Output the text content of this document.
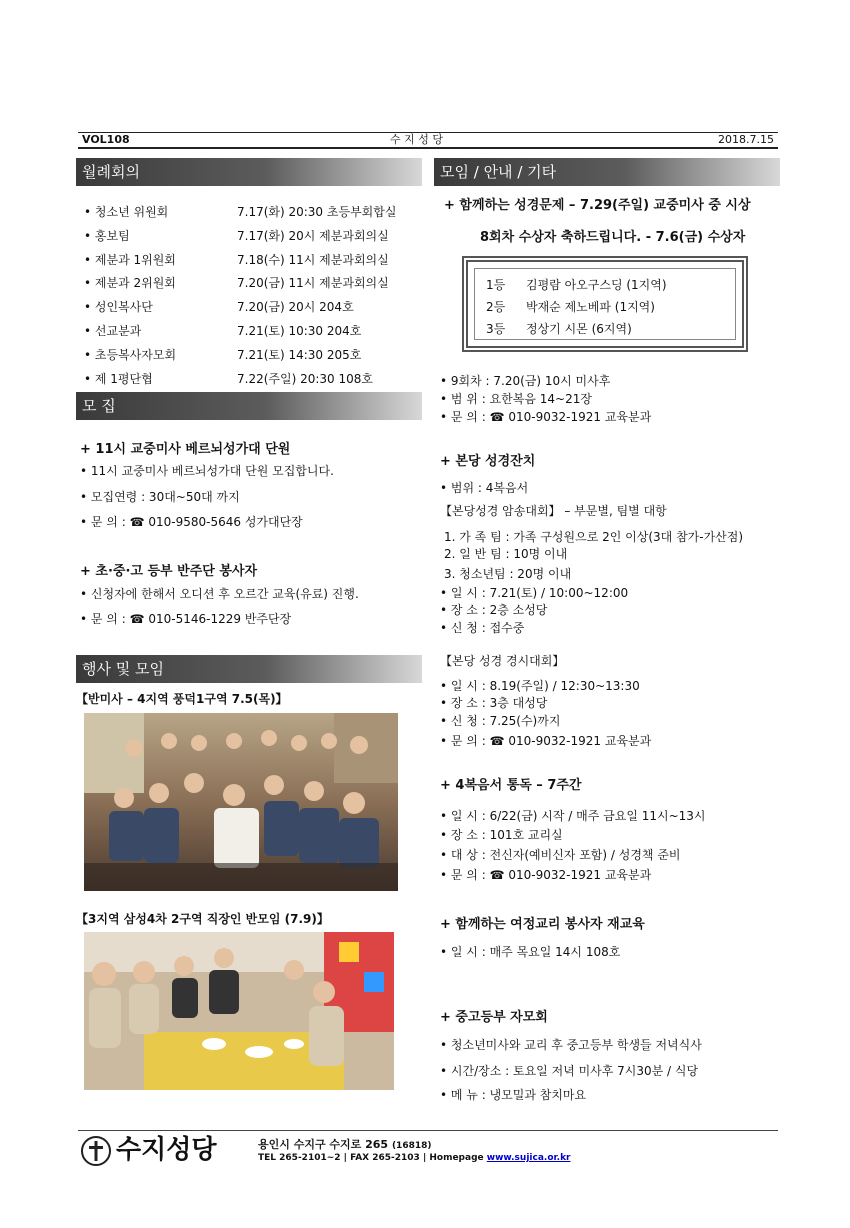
VOL108	수 지 성 당	2018.7.15
월례회의
• 청소년 위원회	7.17(화) 20:30 초등부회합실
• 홍보팀	7.17(화) 20시 제분과회의실
• 제분과 1위원회	7.18(수) 11시 제분과회의실
• 제분과 2위원회	7.20(금) 11시 제분과회의실
• 성인복사단	7.20(금) 20시 204호
• 선교분과	7.21(토) 10:30 204호
• 초등복사자모회	7.21(토) 14:30 205호
• 제 1평단협	7.22(주일) 20:30 108호
모 집
+ 11시 교중미사 베르뇌성가대 단원
• 11시 교중미사 베르뇌성가대 단원 모집합니다.
• 모집연령 : 30대~50대 까지
• 문 의 : ☎ 010-9580-5646 성가대단장
+ 초·중·고 등부 반주단 봉사자
• 신청자에 한해서 오디션 후 오르간 교육(유료) 진행.
• 문 의 : ☎ 010-5146-1229 반주단장
행사 및 모임
【반미사 – 4지역 풍덕1구역 7.5(목)】
【3지역 삼성4차 2구역 직장인 반모임 (7.9)】
모임 / 안내 / 기타
+ 함께하는 성경문제 – 7.29(주일) 교중미사 중 시상
8회차 수상자 축하드립니다. - 7.6(금) 수상자
1등 김평람 아오구스딩 (1지역)
2등 박재순 제노베파 (1지역)
3등 정상기 시몬 (6지역)
• 9회차 : 7.20(금) 10시 미사후
• 범 위 : 요한복음 14~21장
• 문 의 : ☎ 010-9032-1921 교육분과
+ 본당 성경잔치
• 범위 : 4복음서
【본당성경 암송대회】 – 부문별, 팀별 대항
1. 가 족 팀 : 가족 구성원으로 2인 이상(3대 참가-가산점)
2. 일 반 팀 : 10명 이내
3. 청소년팀 : 20명 이내
• 일 시 : 7.21(토) / 10:00~12:00
• 장 소 : 2층 소성당
• 신 청 : 접수중
【본당 성경 경시대회】
• 일 시 : 8.19(주일) / 12:30~13:30
• 장 소 : 3층 대성당
• 신 청 : 7.25(수)까지
• 문 의 : ☎ 010-9032-1921 교육분과
+ 4복음서 통독 – 7주간
• 일 시 : 6/22(금) 시작 / 매주 금요일 11시~13시
• 장 소 : 101호 교리실
• 대 상 : 전신자(예비신자 포함) / 성경책 준비
• 문 의 : ☎ 010-9032-1921 교육분과
+ 함께하는 여정교리 봉사자 재교육
• 일 시 : 매주 목요일 14시 108호
+ 중고등부 자모회
• 청소년미사와 교리 후 중고등부 학생들 저녁식사
• 시간/장소 : 토요일 저녁 미사후 7시30분 / 식당
• 메 뉴 : 냉모밀과 참치마요
수지성당	용인시 수지구 수지로 265 (16818)
TEL 265-2101~2 | FAX 265-2103 | Homepage www.sujica.or.kr
